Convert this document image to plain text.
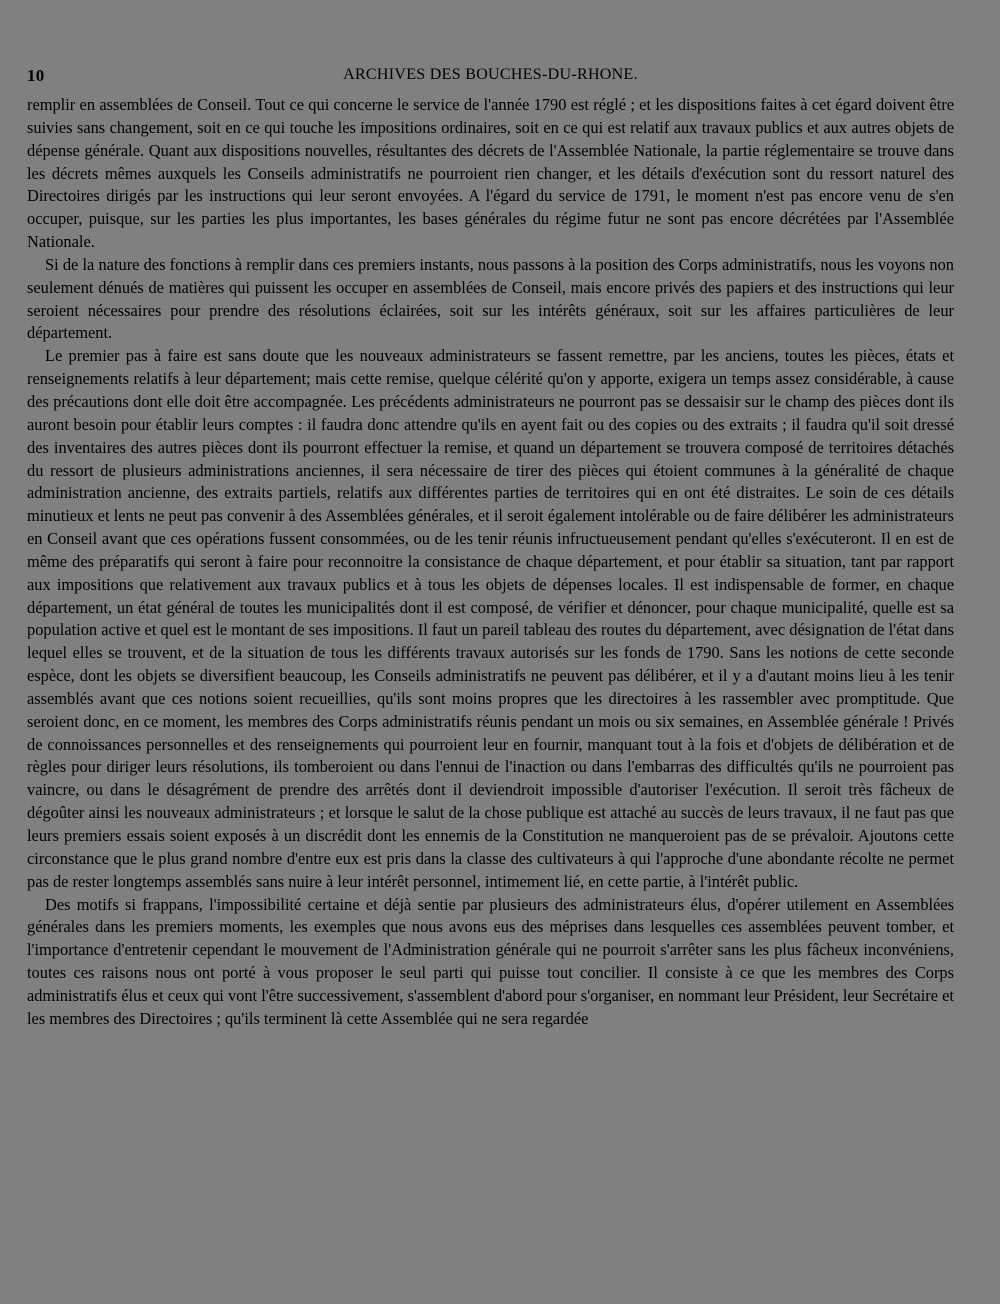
10	ARCHIVES DES BOUCHES-DU-RHONE.

remplir en assemblées de Conseil. Tout ce qui concerne le service de l'année 1790 est réglé ; et les dispositions faites à cet égard doivent être suivies sans changement, soit en ce qui touche les impositions ordinaires, soit en ce qui est relatif aux travaux publics et aux autres objets de dépense générale. Quant aux dispositions nouvelles, résultantes des décrets de l'Assemblée Nationale, la partie réglementaire se trouve dans les décrets mêmes auxquels les Conseils administratifs ne pourroient rien changer, et les détails d'exécution sont du ressort naturel des Directoires dirigés par les instructions qui leur seront envoyées. A l'égard du service de 1791, le moment n'est pas encore venu de s'en occuper, puisque, sur les parties les plus importantes, les bases générales du régime futur ne sont pas encore décrétées par l'Assemblée Nationale.

Si de la nature des fonctions à remplir dans ces premiers instants, nous passons à la position des Corps administratifs, nous les voyons non seulement dénués de matières qui puissent les occuper en assemblées de Conseil, mais encore privés des papiers et des instructions qui leur seroient nécessaires pour prendre des résolutions éclairées, soit sur les intérêts généraux, soit sur les affaires particulières de leur département.

Le premier pas à faire est sans doute que les nouveaux administrateurs se fassent remettre, par les anciens, toutes les pièces, états et renseignements relatifs à leur département; mais cette remise, quelque célérité qu'on y apporte, exigera un temps assez considérable, à cause des précautions dont elle doit être accompagnée. Les précédents administrateurs ne pourront pas se dessaisir sur le champ des pièces dont ils auront besoin pour établir leurs comptes : il faudra donc attendre qu'ils en ayent fait ou des copies ou des extraits ; il faudra qu'il soit dressé des inventaires des autres pièces dont ils pourront effectuer la remise, et quand un département se trouvera composé de territoires détachés du ressort de plusieurs administrations anciennes, il sera nécessaire de tirer des pièces qui étoient communes à la généralité de chaque administration ancienne, des extraits partiels, relatifs aux différentes parties de territoires qui en ont été distraites. Le soin de ces détails minutieux et lents ne peut pas convenir à des Assemblées générales, et il seroit également intolérable ou de faire délibérer les administrateurs en Conseil avant que ces opérations fussent consommées, ou de les tenir réunis infructueusement pendant qu'elles s'exécuteront. Il en est de même des préparatifs qui seront à faire pour reconnoitre la consistance de chaque département, et pour établir sa situation, tant par rapport aux impositions que relativement aux travaux publics et à tous les objets de dépenses locales. Il est indispensable de former, en chaque département, un état général de toutes les municipalités dont il est composé, de vérifier et dénoncer, pour chaque municipalité, quelle est sa population active et quel est le montant de ses impositions. Il faut un pareil tableau des routes du département, avec désignation de l'état dans lequel elles se trouvent, et de la situation de tous les différents travaux autorisés sur les fonds de 1790. Sans les notions de cette seconde espèce, dont les objets se diversifient beaucoup, les Conseils administratifs ne peuvent pas délibérer, et il y a d'autant moins lieu à les tenir assemblés avant que ces notions soient recueillies, qu'ils sont moins propres que les directoires à les rassembler avec promptitude. Que seroient donc, en ce moment, les membres des Corps administratifs réunis pendant un mois ou six semaines, en Assemblée générale ! Privés de connoissances personnelles et des renseignements qui pourroient leur en fournir, manquant tout à la fois et d'objets de délibération et de règles pour diriger leurs résolutions, ils tomberoient ou dans l'ennui de l'inaction ou dans l'embarras des difficultés qu'ils ne pourroient pas vaincre, ou dans le désagrément de prendre des arrêtés dont il deviendroit impossible d'autoriser l'exécution. Il seroit très fâcheux de dégoûter ainsi les nouveaux administrateurs ; et lorsque le salut de la chose publique est attaché au succès de leurs travaux, il ne faut pas que leurs premiers essais soient exposés à un discrédit dont les ennemis de la Constitution ne manqueroient pas de se prévaloir. Ajoutons cette circonstance que le plus grand nombre d'entre eux est pris dans la classe des cultivateurs à qui l'approche d'une abondante récolte ne permet pas de rester longtemps assemblés sans nuire à leur intérêt personnel, intimement lié, en cette partie, à l'intérêt public.

Des motifs si frappans, l'impossibilité certaine et déjà sentie par plusieurs des administrateurs élus, d'opérer utilement en Assemblées générales dans les premiers moments, les exemples que nous avons eus des méprises dans lesquelles ces assemblées peuvent tomber, et l'importance d'entretenir cependant le mouvement de l'Administration générale qui ne pourroit s'arrêter sans les plus fâcheux inconvéniens, toutes ces raisons nous ont porté à vous proposer le seul parti qui puisse tout concilier. Il consiste à ce que les membres des Corps administratifs élus et ceux qui vont l'être successivement, s'assemblent d'abord pour s'organiser, en nommant leur Président, leur Secrétaire et les membres des Directoires ; qu'ils terminent là cette Assemblée qui ne sera regardée
